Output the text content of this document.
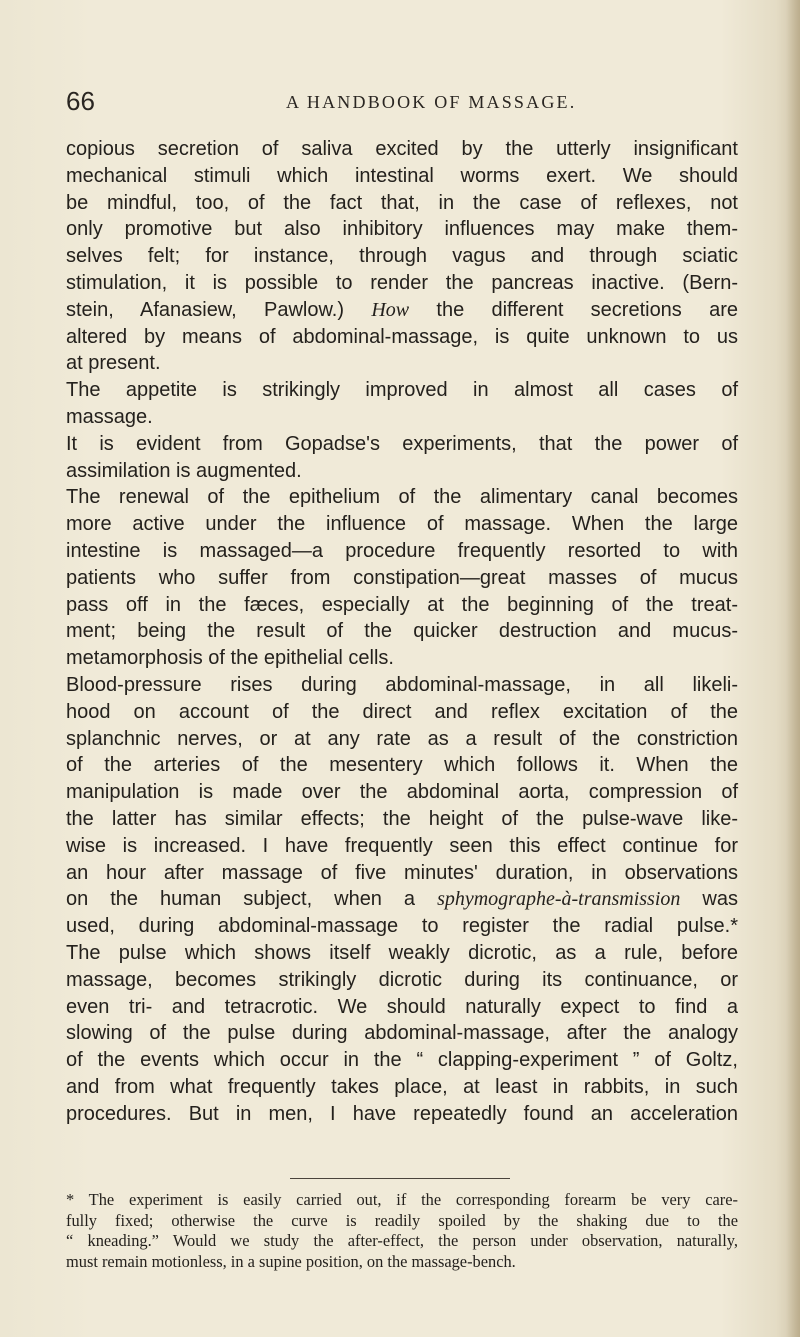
66	A HANDBOOK OF MASSAGE.
copious secretion of saliva excited by the utterly insignificant
mechanical stimuli which intestinal worms exert. We should
be mindful, too, of the fact that, in the case of reflexes, not
only promotive but also inhibitory influences may make them-
selves felt; for instance, through vagus and through sciatic
stimulation, it is possible to render the pancreas inactive. (Bern-
stein, Afanasiew, Pawlow.) How the different secretions are
altered by means of abdominal-massage, is quite unknown to us
at present.
The appetite is strikingly improved in almost all cases of
massage.
It is evident from Gopadse's experiments, that the power of
assimilation is augmented.
The renewal of the epithelium of the alimentary canal becomes
more active under the influence of massage. When the large
intestine is massaged—a procedure frequently resorted to with
patients who suffer from constipation—great masses of mucus
pass off in the fæces, especially at the beginning of the treat-
ment; being the result of the quicker destruction and mucus-
metamorphosis of the epithelial cells.
Blood-pressure rises during abdominal-massage, in all likeli-
hood on account of the direct and reflex excitation of the
splanchnic nerves, or at any rate as a result of the constriction
of the arteries of the mesentery which follows it. When the
manipulation is made over the abdominal aorta, compression of
the latter has similar effects; the height of the pulse-wave like-
wise is increased. I have frequently seen this effect continue for
an hour after massage of five minutes' duration, in observations
on the human subject, when a sphymographe-à-transmission was
used, during abdominal-massage to register the radial pulse.*
The pulse which shows itself weakly dicrotic, as a rule, before
massage, becomes strikingly dicrotic during its continuance, or
even tri- and tetracrotic. We should naturally expect to find a
slowing of the pulse during abdominal-massage, after the analogy
of the events which occur in the “ clapping-experiment ” of Goltz,
and from what frequently takes place, at least in rabbits, in such
procedures. But in men, I have repeatedly found an acceleration
* The experiment is easily carried out, if the corresponding forearm be very care-
fully fixed; otherwise the curve is readily spoiled by the shaking due to the
“ kneading.” Would we study the after-effect, the person under observation, naturally,
must remain motionless, in a supine position, on the massage-bench.
